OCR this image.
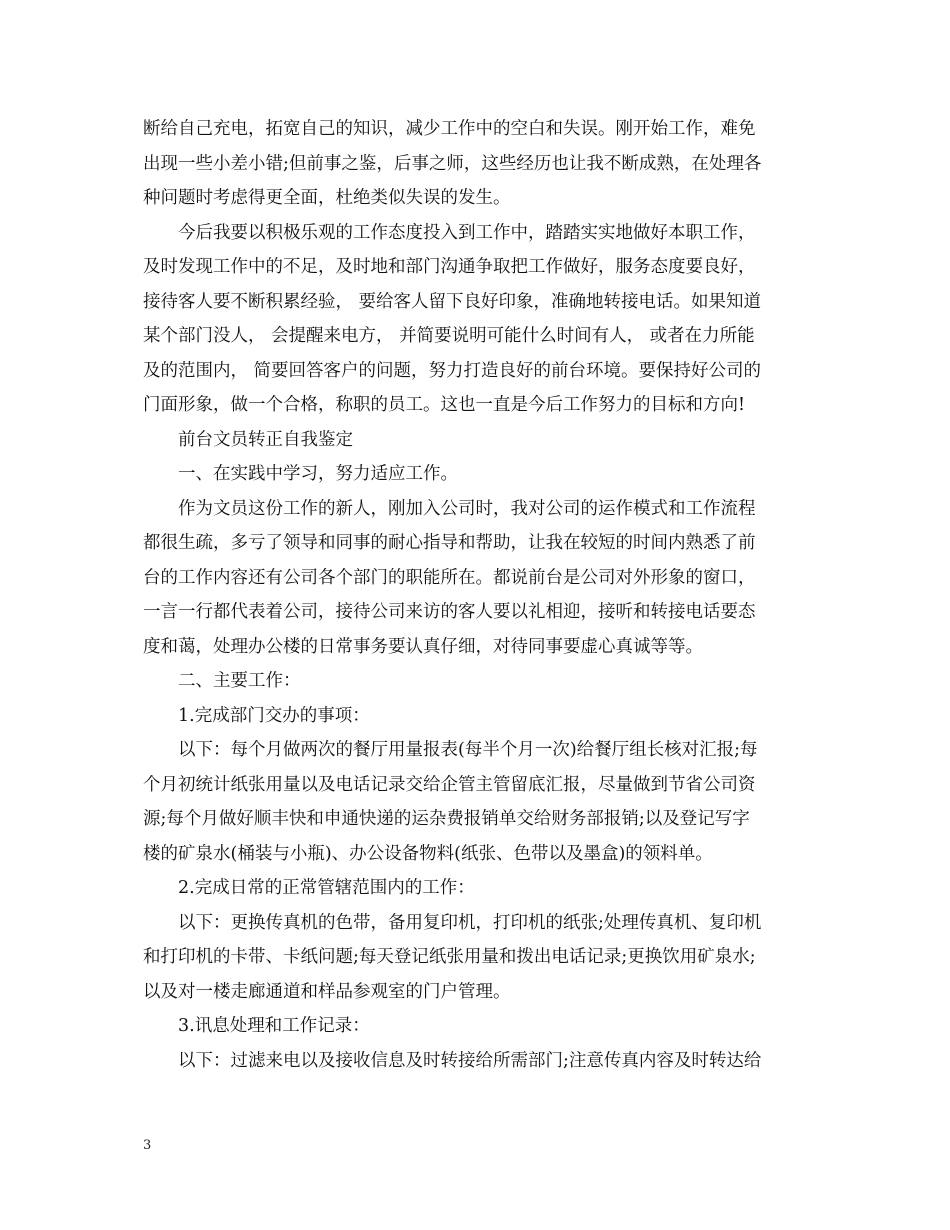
断给自己充电，拓宽自己的知识，减少工作中的空白和失误。刚开始工作，难免
出现一些小差小错;但前事之鉴，后事之师，这些经历也让我不断成熟，在处理各
种问题时考虑得更全面，杜绝类似失误的发生。
今后我要以积极乐观的工作态度投入到工作中，踏踏实实地做好本职工作，
及时发现工作中的不足，及时地和部门沟通争取把工作做好，服务态度要良好，
接待客人要不断积累经验， 要给客人留下良好印象，准确地转接电话。如果知道
某个部门没人， 会提醒来电方， 并简要说明可能什么时间有人， 或者在力所能
及的范围内， 简要回答客户的问题，努力打造良好的前台环境。要保持好公司的
门面形象，做一个合格，称职的员工。这也一直是今后工作努力的目标和方向!
前台文员转正自我鉴定
一、在实践中学习，努力适应工作。
作为文员这份工作的新人，刚加入公司时，我对公司的运作模式和工作流程
都很生疏，多亏了领导和同事的耐心指导和帮助，让我在较短的时间内熟悉了前
台的工作内容还有公司各个部门的职能所在。都说前台是公司对外形象的窗口，
一言一行都代表着公司，接待公司来访的客人要以礼相迎，接听和转接电话要态
度和蔼，处理办公楼的日常事务要认真仔细，对待同事要虚心真诚等等。
二、主要工作：
1.完成部门交办的事项：
以下：每个月做两次的餐厅用量报表(每半个月一次)给餐厅组长核对汇报;每
个月初统计纸张用量以及电话记录交给企管主管留底汇报，尽量做到节省公司资
源;每个月做好顺丰快和申通快递的运杂费报销单交给财务部报销;以及登记写字
楼的矿泉水(桶装与小瓶)、办公设备物料(纸张、色带以及墨盒)的领料单。
2.完成日常的正常管辖范围内的工作：
以下：更换传真机的色带，备用复印机，打印机的纸张;处理传真机、复印机
和打印机的卡带、卡纸问题;每天登记纸张用量和拨出电话记录;更换饮用矿泉水;
以及对一楼走廊通道和样品参观室的门户管理。
3.讯息处理和工作记录：
以下：过滤来电以及接收信息及时转接给所需部门;注意传真内容及时转达给
3
